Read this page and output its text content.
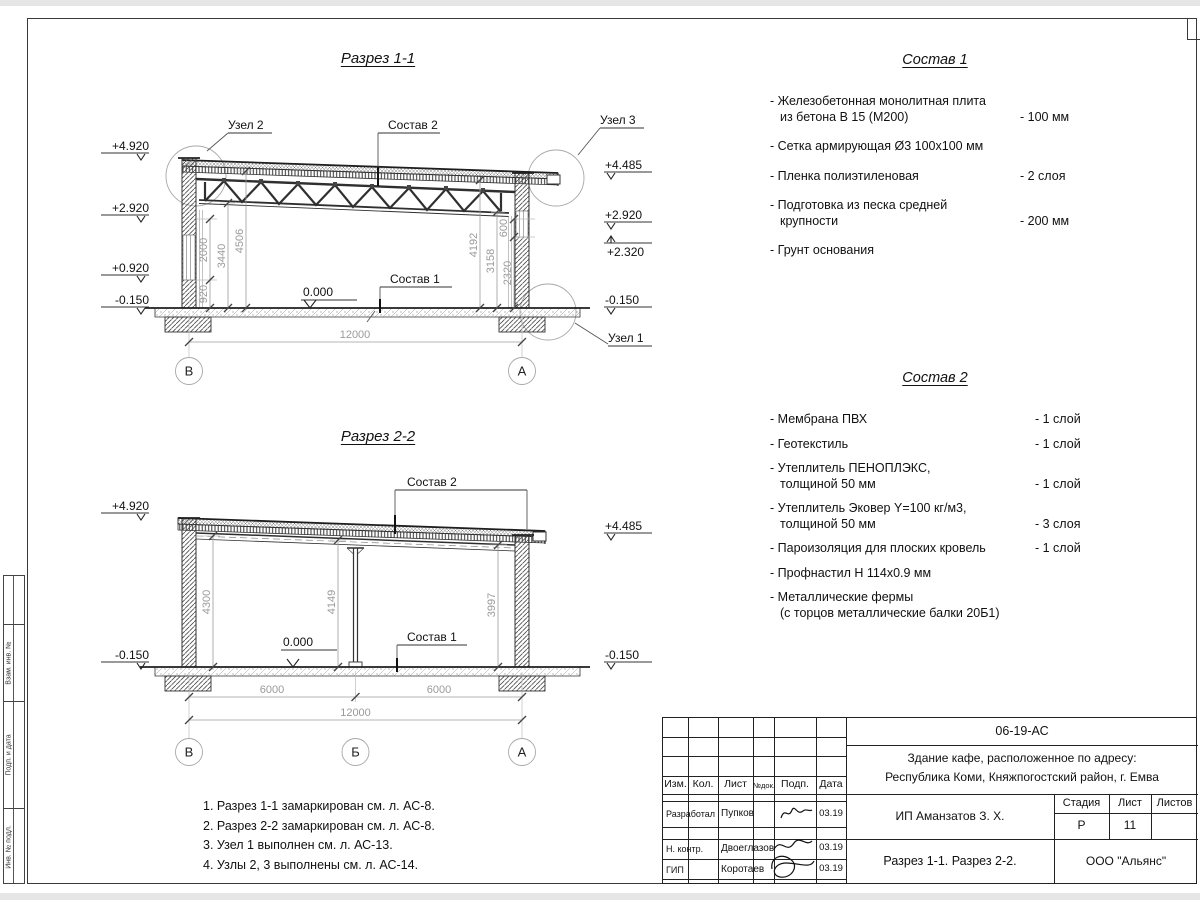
Взам. инв. №
Подп. и дата
Инв. № подл.
Разрез 1-1
Разрез 2-2
920
2000 3440
4506	4192
3158 2320
600
12000
В	А
+4.920
+2.920
+0.920
-0.150
+4.485
+2.920
+2.320
-0.150
Узел 2	Узел 3
Узел 1
Состав 2
Состав 1
0.000
4300	4149	3997
6000	6000
12000
В	Б	А
+4.920
-0.150
+4.485
-0.150
Состав 2
Состав 1
0.000
Состав 1
- Железобетонная монолитная плита
из бетона В 15 (М200)	- 100 мм
- Сетка армирующая Ø3 100x100 мм
- Пленка полиэтиленовая	- 2 слоя
- Подготовка из песка средней
крупности	- 200 мм
- Грунт основания
Состав 2
- Мембрана ПВХ	- 1 слой
- Геотекстиль	- 1 слой
- Утеплитель ПЕНОПЛЭКС,
толщиной 50 мм	- 1 слой
- Утеплитель Эковер Y=100 кг/м3,
толщиной 50 мм	- 3 слоя
- Пароизоляция для плоских кровель	- 1 слой
- Профнастил Н 114x0.9 мм
- Металлические фермы
(с торцов металлические балки 20Б1)
1. Разрез 1-1 замаркирован см. л. АС-8.
2. Разрез 2-2 замаркирован см. л. АС-8.
3. Узел 1 выполнен см. л. АС-13.
4. Узлы 2, 3 выполнены см. л. АС-14.
Изм. Кол.	Лист №док. Подп. Дата
Разработал Пупков	03.19
Н. контр. Двоеглазов	03.19
ГИП	Коротаев	03.19
06-19-АС
Здание кафе, расположенное по адресу:
Республика Коми, Княжпогостский район, г. Емва
ИП Аманзатов З. Х.
Стадия	Лист	Листов
Р	11
Разрез 1-1. Разрез 2-2.	ООО "Альянс"
